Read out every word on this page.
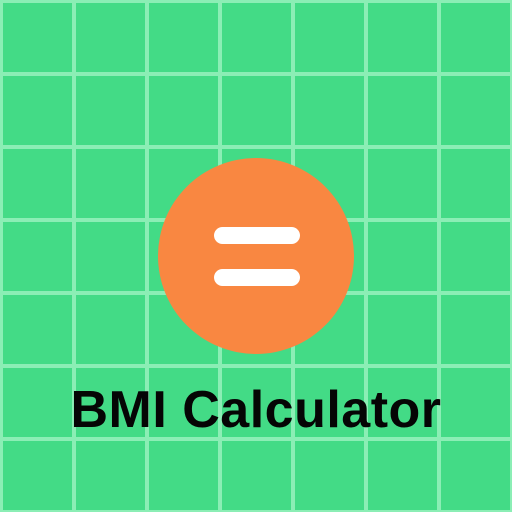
BMI Calculator
